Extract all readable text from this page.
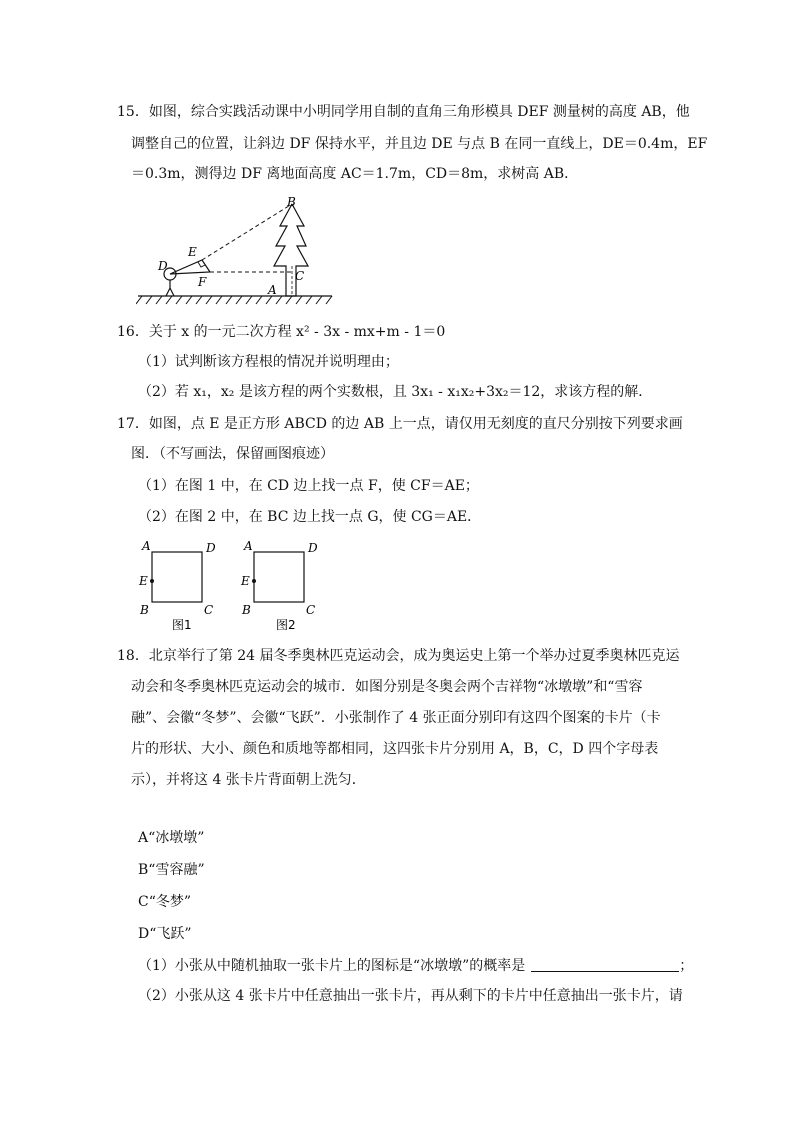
15．如图，综合实践活动课中小明同学用自制的直角三角形模具 DEF 测量树的高度 AB，他
调整自己的位置，让斜边 DF 保持水平，并且边 DE 与点 B 在同一直线上，DE＝0.4m，EF
＝0.3m，测得边 DF 离地面高度 AC＝1.7m，CD＝8m，求树高 AB．
B
E
D
F	C
A
16．关于 x 的一元二次方程 x² - 3x - mx+m - 1＝0
（1）试判断该方程根的情况并说明理由；
（2）若 x₁，x₂ 是该方程的两个实数根，且 3x₁ - x₁x₂+3x₂＝12，求该方程的解．
17．如图，点 E 是正方形 ABCD 的边 AB 上一点，请仅用无刻度的直尺分别按下列要求画
图．（不写画法，保留画图痕迹）
（1）在图 1 中，在 CD 边上找一点 F，使 CF＝AE；
（2）在图 2 中，在 BC 边上找一点 G，使 CG＝AE．
A	D
E
B	C
图1
A	D
E
B	C
图2
18．北京举行了第 24 届冬季奥林匹克运动会，成为奥运史上第一个举办过夏季奥林匹克运
动会和冬季奥林匹克运动会的城市．如图分别是冬奥会两个吉祥物“冰墩墩”和“雪容
融”、会徽“冬梦”、会徽“飞跃”．小张制作了 4 张正面分别印有这四个图案的卡片（卡
片的形状、大小、颜色和质地等都相同，这四张卡片分别用 A，B，C，D 四个字母表
示），并将这 4 张卡片背面朝上洗匀．
A“冰墩墩”
B“雪容融”
C“冬梦”
D“飞跃”
（1）小张从中随机抽取一张卡片上的图标是“冰墩墩”的概率是	；
（2）小张从这 4 张卡片中任意抽出一张卡片，再从剩下的卡片中任意抽出一张卡片，请
